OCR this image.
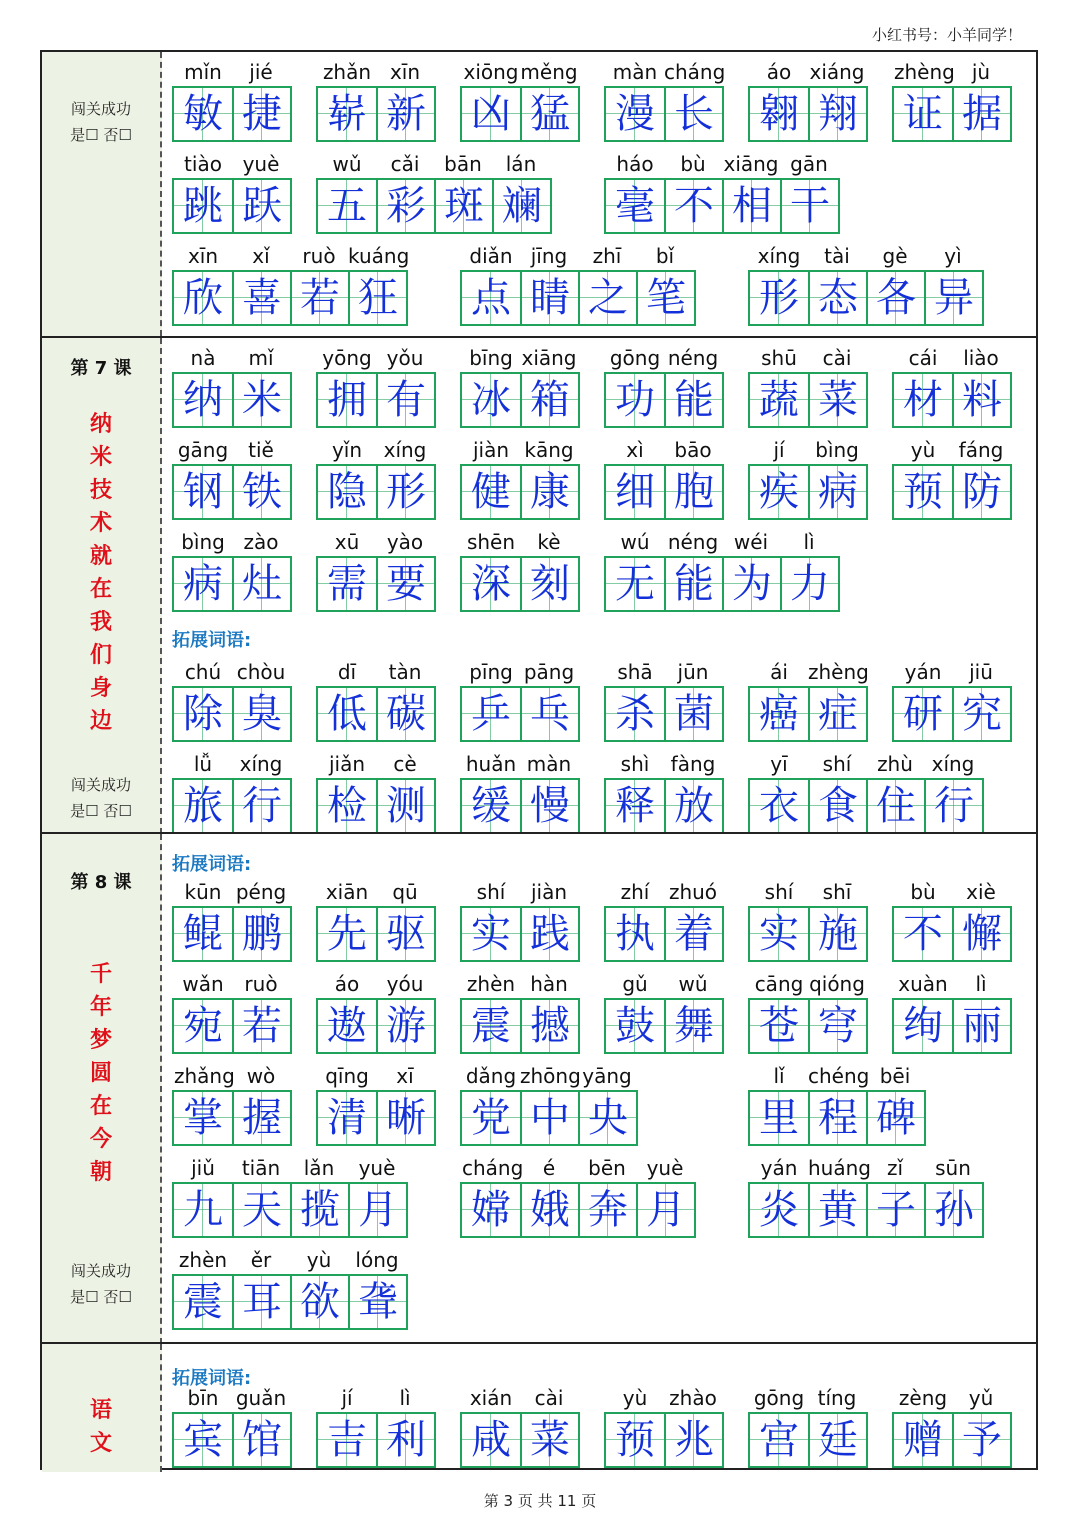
小红书号：小羊同学！
闯关成功
是☐ 否☐
mǐn	jié
敏 捷
zhǎn xīn
崭 新
xiōng měng
凶 猛
màn cháng
漫 长
áo xiáng
翱 翔
zhèng jù
证 据
tiào	yuè
跳 跃
wǔ	cǎi	bān	lán
五 彩 斑 斓
háo	bù xiāng gān
毫 不 相 干
xīn	xǐ	ruò kuáng
欣 喜 若 狂
diǎn jīng	zhī	bǐ
点 睛 之 笔
xíng	tài	gè	yì
形 态 各 异
第 7 课
纳
米
技
术
就
在
我
们
身
边
闯关成功
是☐ 否☐
拓展词语:
nà	mǐ
纳 米
yōng yǒu
拥 有
bīng xiāng
冰 箱
gōng néng
功 能
shū	cài
蔬 菜
cái	liào
材 料
gāng tiě
钢 铁
yǐn	xíng
隐 形
jiàn kāng
健 康
xì	bāo
细 胞
jí	bìng
疾 病
yù	fáng
预 防
bìng zào
病 灶
xū	yào
需 要
shēn	kè
深 刻
wú néng wéi	lì
无 能 为 力
chú chòu
除 臭
dī	tàn
低 碳
pīng pāng
乒 乓
shā	jūn
杀 菌
ái	zhèng
癌 症
yán	jiū
研 究
lǚ	xíng
旅 行
jiǎn	cè
检 测
huǎn màn
缓 慢
shì	fàng
释 放
yī	shí	zhù xíng
衣 食 住 行
第 8 课
千
年
梦
圆
在
今
朝
闯关成功
是☐ 否☐
拓展词语:
kūn péng
鲲 鹏
xiān	qū
先 驱
shí	jiàn
实 践
zhí zhuó
执 着
shí	shī
实 施
bù	xiè
不 懈
wǎn	ruò
宛 若
áo	yóu
遨 游
zhèn hàn
震 撼
gǔ	wǔ
鼓 舞
cāng qióng
苍 穹
xuàn	lì
绚 丽
zhǎng wò
掌 握
qīng	xī
清 晰
dǎng zhōng yāng
党 中 央
lǐ	chéng bēi
里 程 碑
jiǔ	tiān	lǎn	yuè
九 天 揽 月
cháng é	bēn	yuè
嫦 娥 奔 月
yán huáng zǐ	sūn
炎 黄 子 孙
zhèn	ěr	yù	lóng
震 耳 欲 聋
语
文
拓展词语:
bīn guǎn
宾 馆
jí	lì
吉 利
xián	cài
咸 菜
yù	zhào
预 兆
gōng tíng
宫 廷
zèng	yǔ
赠 予
第 3 页 共 11 页
